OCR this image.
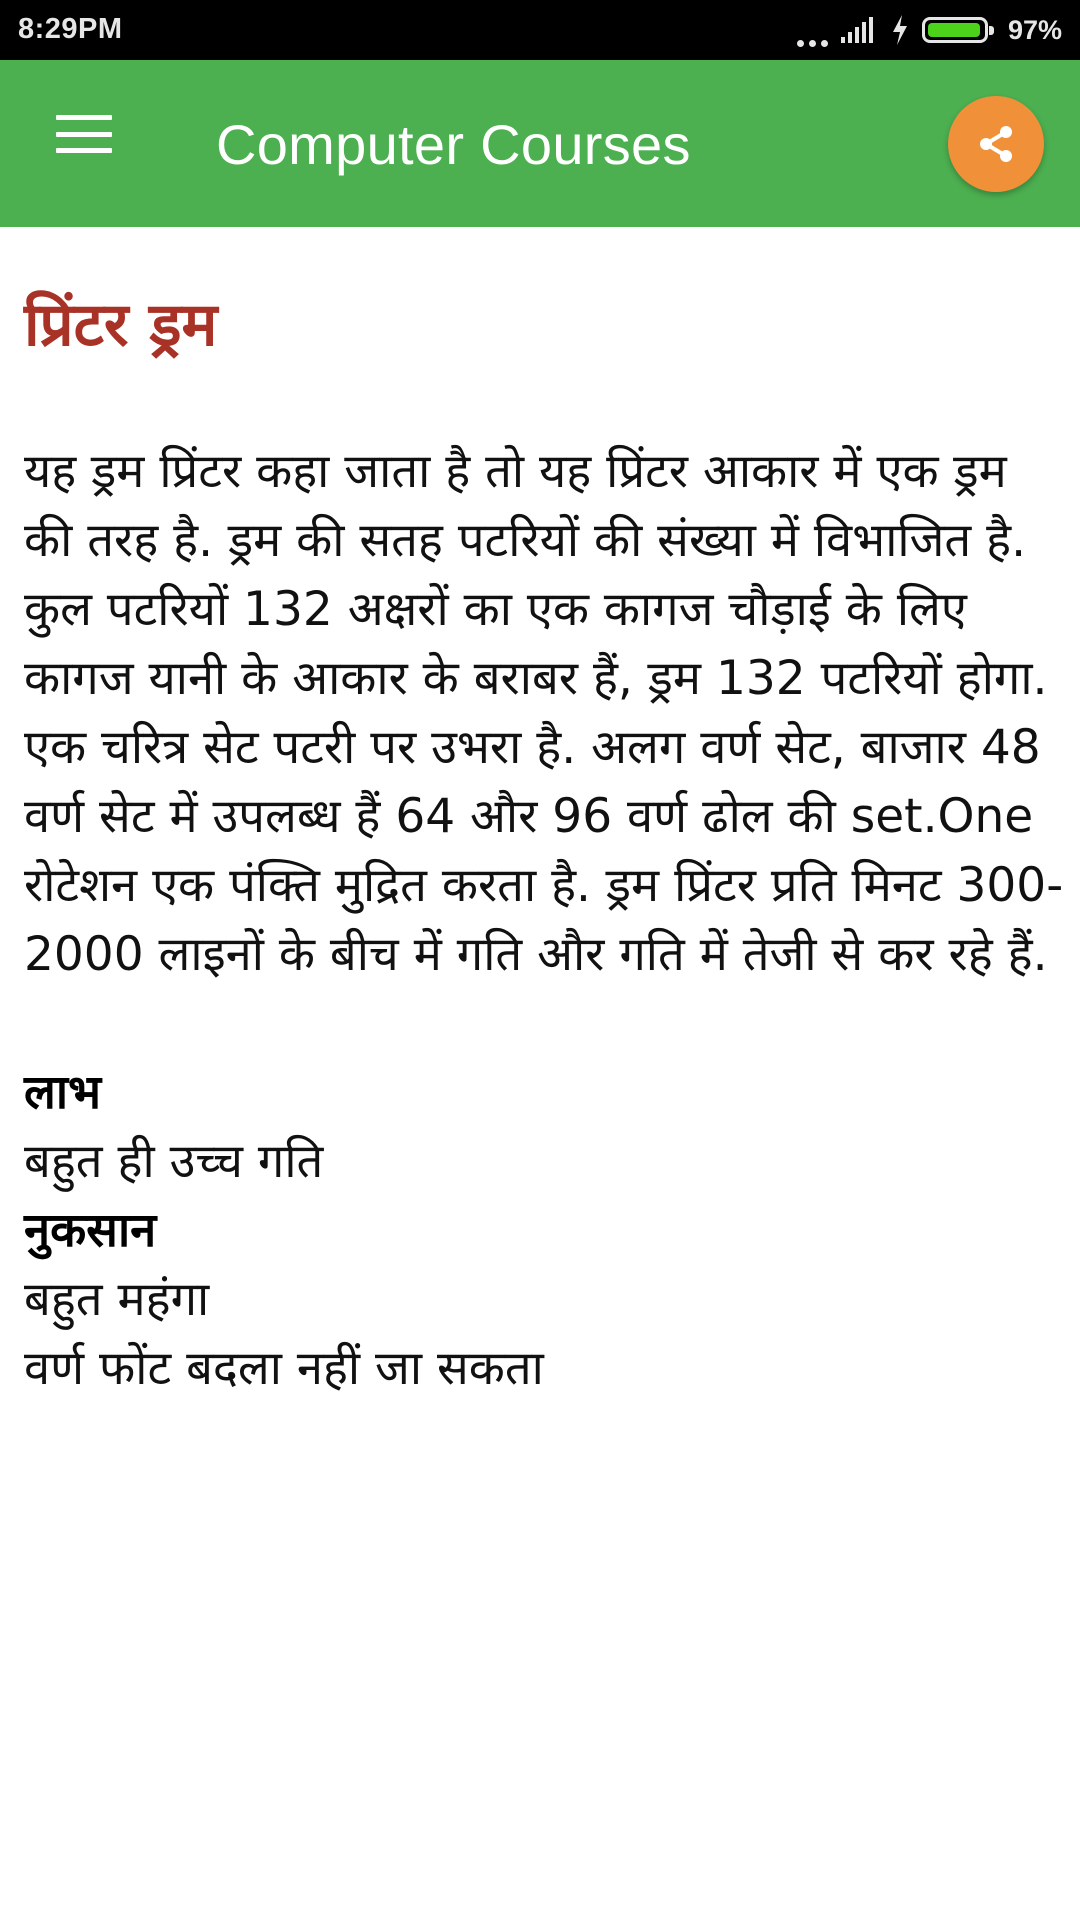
8:29PM	97%
Computer Courses
प्रिंटर ड्रम
यह ड्रम प्रिंटर कहा जाता है तो यह प्रिंटर आकार में एक ड्रम की तरह है. ड्रम की सतह पटरियों की संख्या में विभाजित है. कुल पटरियों 132 अक्षरों का एक कागज चौड़ाई के लिए कागज यानी के आकार के बराबर हैं, ड्रम 132 पटरियों होगा. एक चरित्र सेट पटरी पर उभरा है. अलग वर्ण सेट, बाजार 48 वर्ण सेट में उपलब्ध हैं 64 और 96 वर्ण ढोल की set.One रोटेशन एक पंक्ति मुद्रित करता है. ड्रम प्रिंटर प्रति मिनट 300-2000 लाइनों के बीच में गति और गति में तेजी से कर रहे हैं.
लाभ
बहुत ही उच्च गति
नुकसान
बहुत महंगा
वर्ण फोंट बदला नहीं जा सकता
